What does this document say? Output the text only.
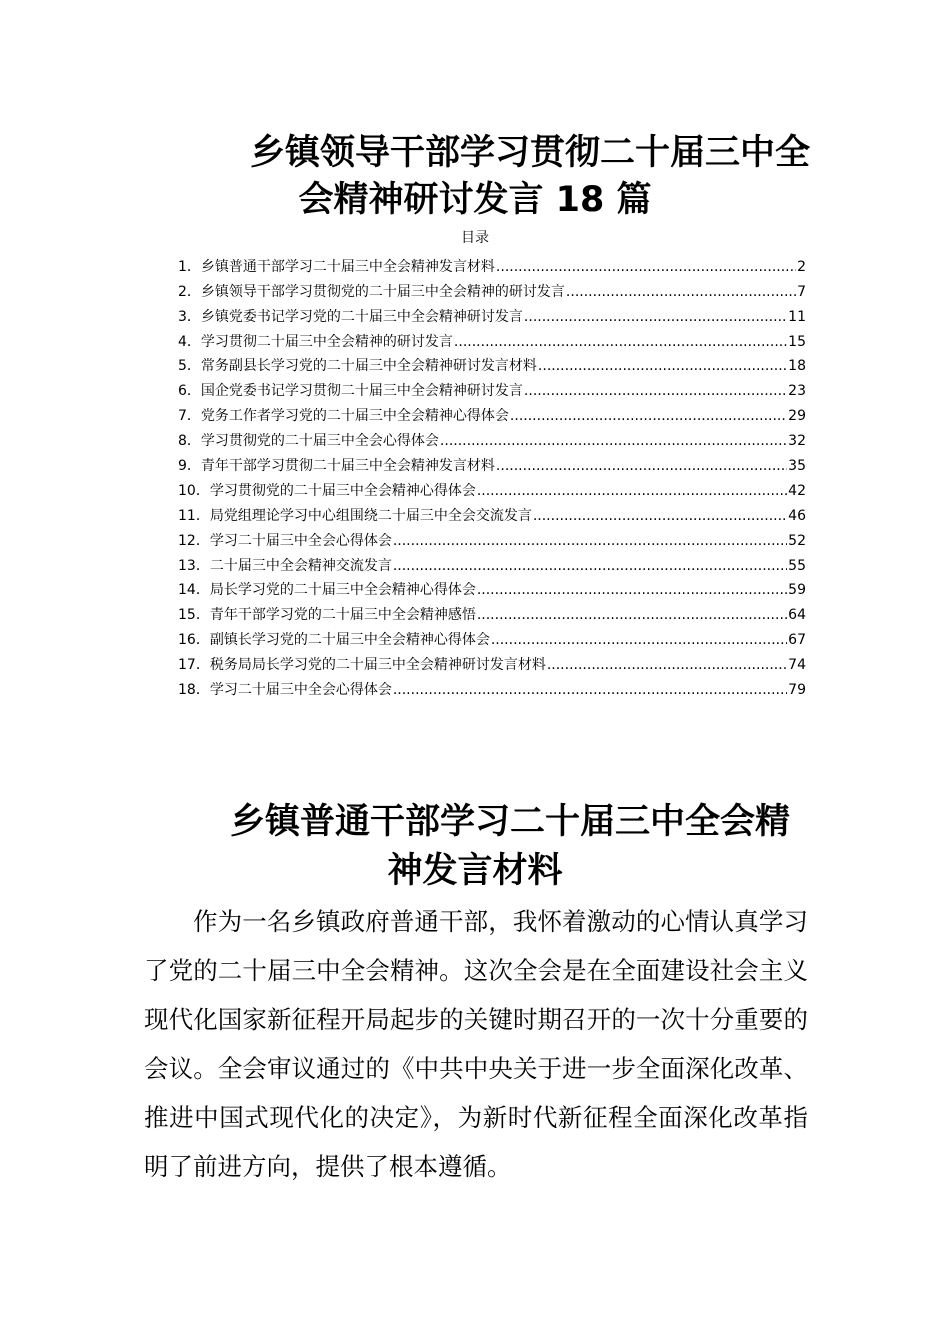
乡镇领导干部学习贯彻二十届三中全
会精神研讨发言 18 篇
目录
1． 乡镇普通干部学习二十届三中全会精神发言材料 .....	2
2． 乡镇领导干部学习贯彻党的二十届三中全会精神的研讨发言 .....	7
3． 乡镇党委书记学习党的二十届三中全会精神研讨发言 .....	11
4． 学习贯彻二十届三中全会精神的研讨发言 .....	15
5． 常务副县长学习党的二十届三中全会精神研讨发言材料 .....	18
6． 国企党委书记学习贯彻二十届三中全会精神研讨发言 .....	23
7． 党务工作者学习党的二十届三中全会精神心得体会 .....	29
8． 学习贯彻党的二十届三中全会心得体会 .....	32
9． 青年干部学习贯彻二十届三中全会精神发言材料 .....	35
10． 学习贯彻党的二十届三中全会精神心得体会 .....	42
11． 局党组理论学习中心组围绕二十届三中全会交流发言 .....	46
12． 学习二十届三中全会心得体会 .....	52
13． 二十届三中全会精神交流发言 .....	55
14． 局长学习党的二十届三中全会精神心得体会 .....	59
15． 青年干部学习党的二十届三中全会精神感悟 .....	64
16． 副镇长学习党的二十届三中全会精神心得体会 .....	67
17． 税务局局长学习党的二十届三中全会精神研讨发言材料 .....	74
18． 学习二十届三中全会心得体会 .....	79
乡镇普通干部学习二十届三中全会精
神发言材料
作为一名乡镇政府普通干部，我怀着激动的心情认真学习了党的二十届三中全会精神。这次全会是在全面建设社会主义现代化国家新征程开局起步的关键时期召开的一次十分重要的会议。全会审议通过的《中共中央关于进一步全面深化改革、推进中国式现代化的决定》，为新时代新征程全面深化改革指明了前进方向，提供了根本遵循。
